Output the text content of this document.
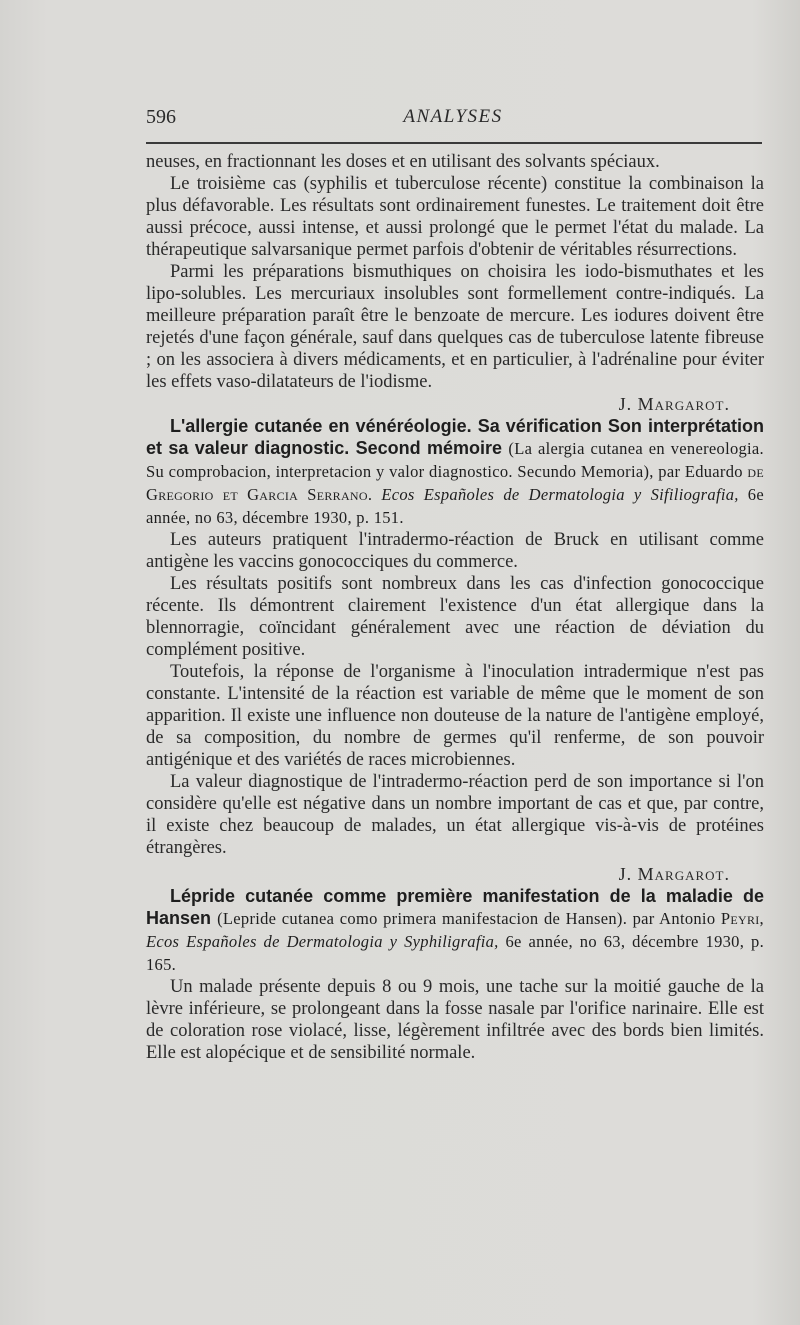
596	ANALYSES

neuses, en fractionnant les doses et en utilisant des solvants spéciaux.

Le troisième cas (syphilis et tuberculose récente) constitue la combinaison la plus défavorable. Les résultats sont ordinairement funestes. Le traitement doit être aussi précoce, aussi intense, et aussi prolongé que le permet l'état du malade. La thérapeutique salvarsanique permet parfois d'obtenir de véritables résurrections.

Parmi les préparations bismuthiques on choisira les iodo-bismuthates et les lipo-solubles. Les mercuriaux insolubles sont formellement contre-indiqués. La meilleure préparation paraît être le benzoate de mercure. Les iodures doivent être rejetés d'une façon générale, sauf dans quelques cas de tuberculose latente fibreuse ; on les associera à divers médicaments, et en particulier, à l'adrénaline pour éviter les effets vaso-dilatateurs de l'iodisme.

J. Margarot.

L'allergie cutanée en vénéréologie. Sa vérification Son interprétation et sa valeur diagnostic. Second mémoire (La alergia cutanea en venereologia. Su comprobacion, interpretacion y valor diagnostico. Secundo Memoria), par Eduardo de Gregorio et Garcia Serrano. Ecos Españoles de Dermatologia y Sifiliografia, 6e année, no 63, décembre 1930, p. 151.

Les auteurs pratiquent l'intradermo-réaction de Bruck en utilisant comme antigène les vaccins gonococciques du commerce.

Les résultats positifs sont nombreux dans les cas d'infection gonococcique récente. Ils démontrent clairement l'existence d'un état allergique dans la blennorragie, coïncidant généralement avec une réaction de déviation du complément positive.

Toutefois, la réponse de l'organisme à l'inoculation intradermique n'est pas constante. L'intensité de la réaction est variable de même que le moment de son apparition. Il existe une influence non douteuse de la nature de l'antigène employé, de sa composition, du nombre de germes qu'il renferme, de son pouvoir antigénique et des variétés de races microbiennes.

La valeur diagnostique de l'intradermo-réaction perd de son importance si l'on considère qu'elle est négative dans un nombre important de cas et que, par contre, il existe chez beaucoup de malades, un état allergique vis-à-vis de protéines étrangères.

J. Margarot.

Lépride cutanée comme première manifestation de la maladie de Hansen (Lepride cutanea como primera manifestacion de Hansen). par Antonio Peyri, Ecos Españoles de Dermatologia y Syphiligrafia, 6e année, no 63, décembre 1930, p. 165.

Un malade présente depuis 8 ou 9 mois, une tache sur la moitié gauche de la lèvre inférieure, se prolongeant dans la fosse nasale par l'orifice narinaire. Elle est de coloration rose violacé, lisse, légèrement infiltrée avec des bords bien limités. Elle est alopécique et de sensibilité normale.
